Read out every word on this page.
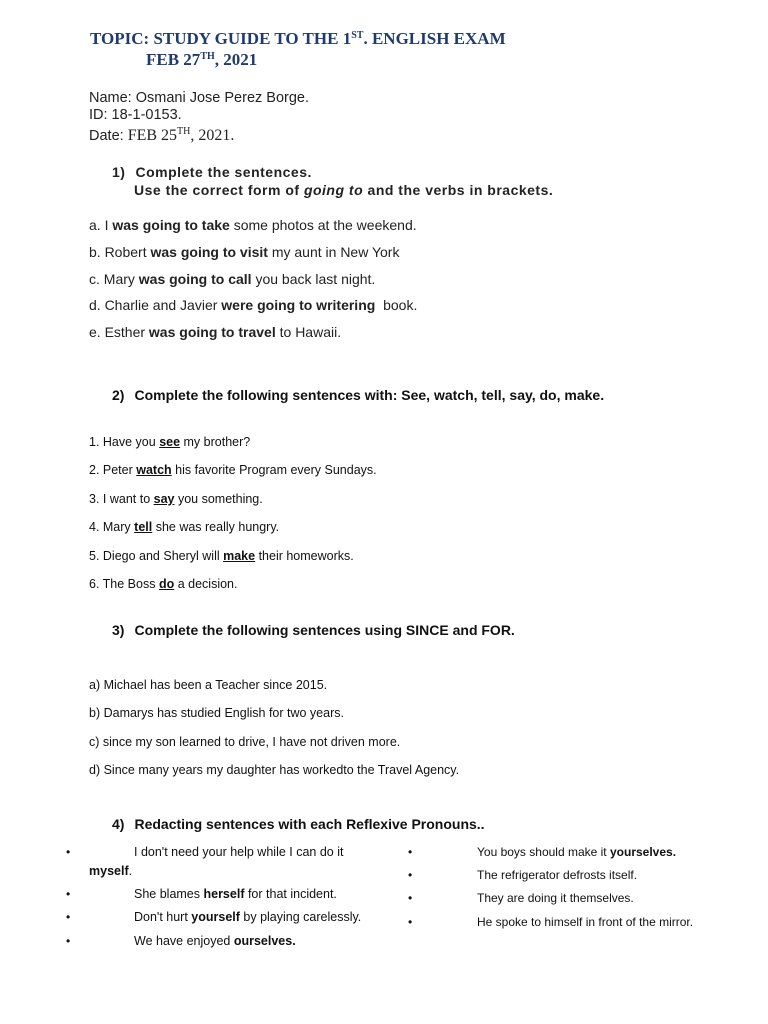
TOPIC: STUDY GUIDE TO THE 1ST. ENGLISH EXAM
FEB 27TH, 2021
Name: Osmani Jose Perez Borge.
ID: 18-1-0153.
Date: FEB 25TH, 2021.
1) Complete the sentences.
Use the correct form of going to and the verbs in brackets.
a. I was going to take some photos at the weekend.
b. Robert was going to visit my aunt in New York
c. Mary was going to call you back last night.
d. Charlie and Javier were going to writering  book.
e. Esther was going to travel to Hawaii.
2) Complete the following sentences with: See, watch, tell, say, do, make.
1. Have you see my brother?
2. Peter watch his favorite Program every Sundays.
3. I want to say you something.
4. Mary tell she was really hungry.
5. Diego and Sheryl will make their homeworks.
6. The Boss do a decision.
3) Complete the following sentences using SINCE and FOR.
a) Michael has been a Teacher since 2015.
b) Damarys has studied English for two years.
c) since my son learned to drive, I have not driven more.
d) Since many years my daughter has workedto the Travel Agency.
4) Redacting sentences with each Reflexive Pronouns..
•	I don't need your help while I can do it
myself.
•	She blames herself for that incident.
•	Don't hurt yourself by playing carelessly.
•	We have enjoyed ourselves.
•	You boys should make it yourselves.
•	The refrigerator defrosts itself.
•	They are doing it themselves.
•	He spoke to himself in front of the mirror.
